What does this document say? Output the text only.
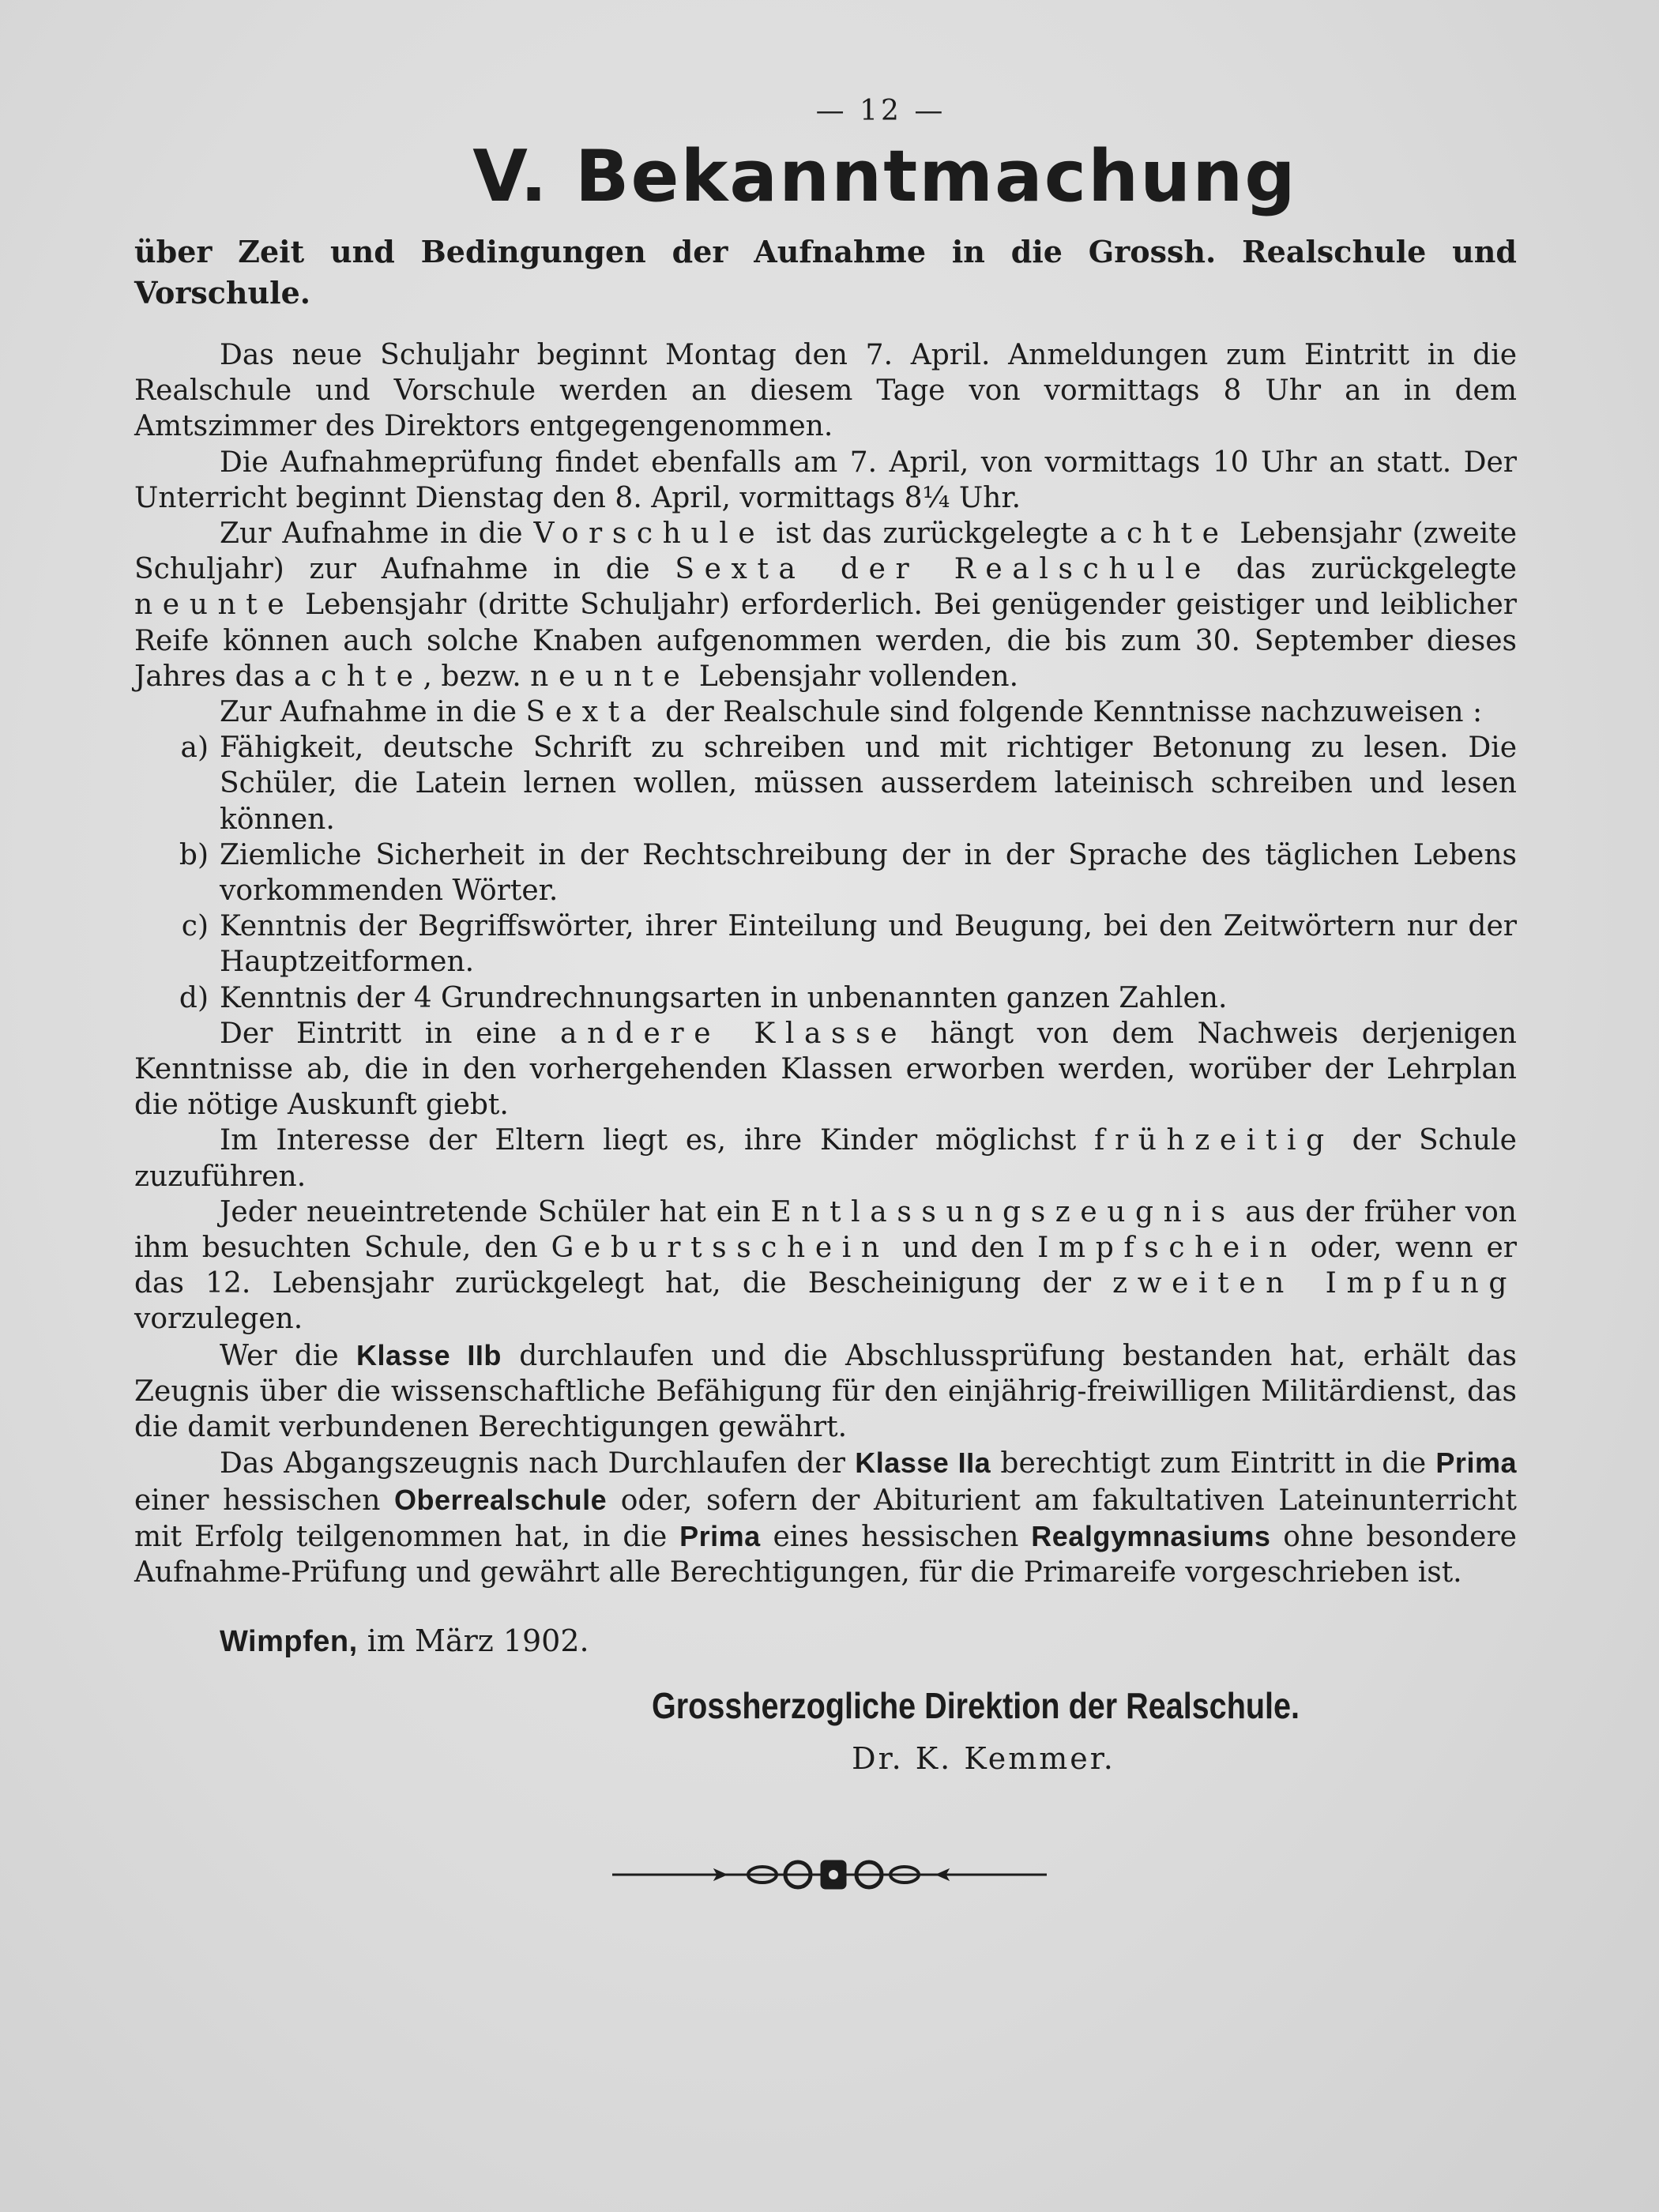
— 12 —
V. Bekanntmachung
über Zeit und Bedingungen der Aufnahme in die Grossh. Realschule und Vorschule.

Das neue Schuljahr beginnt Montag den 7. April. Anmeldungen zum Eintritt in die Realschule und Vorschule werden an diesem Tage von vormittags 8 Uhr an in dem Amtszimmer des Direktors entgegengenommen.

Die Aufnahmeprüfung findet ebenfalls am 7. April, von vormittags 10 Uhr an statt. Der Unterricht beginnt Dienstag den 8. April, vormittags 8¼ Uhr.

Zur Aufnahme in die Vorschule ist das zurückgelegte achte Lebensjahr (zweite Schuljahr) zur Aufnahme in die Sexta der Realschule das zurückgelegte neunte Lebensjahr (dritte Schuljahr) erforderlich. Bei genügender geistiger und leiblicher Reife können auch solche Knaben aufgenommen werden, die bis zum 30. September dieses Jahres das achte, bezw. neunte Lebensjahr vollenden.

Zur Aufnahme in die Sexta der Realschule sind folgende Kenntnisse nachzuweisen :

a) Fähigkeit, deutsche Schrift zu schreiben und mit richtiger Betonung zu lesen. Die Schüler, die Latein lernen wollen, müssen ausserdem lateinisch schreiben und lesen können.
b) Ziemliche Sicherheit in der Rechtschreibung der in der Sprache des täglichen Lebens vorkommenden Wörter.
c) Kenntnis der Begriffswörter, ihrer Einteilung und Beugung, bei den Zeitwörtern nur der Hauptzeitformen.
d) Kenntnis der 4 Grundrechnungsarten in unbenannten ganzen Zahlen.

Der Eintritt in eine andere Klasse hängt von dem Nachweis derjenigen Kenntnisse ab, die in den vorhergehenden Klassen erworben werden, worüber der Lehrplan die nötige Auskunft giebt.

Im Interesse der Eltern liegt es, ihre Kinder möglichst frühzeitig der Schule zuzuführen.

Jeder neueintretende Schüler hat ein Entlassungszeugnis aus der früher von ihm besuchten Schule, den Geburtsschein und den Impfschein oder, wenn er das 12. Lebensjahr zurückgelegt hat, die Bescheinigung der zweiten Impfung vorzulegen.

Wer die Klasse IIb durchlaufen und die Abschlussprüfung bestanden hat, erhält das Zeugnis über die wissenschaftliche Befähigung für den einjährig-freiwilligen Militärdienst, das die damit verbundenen Berechtigungen gewährt.

Das Abgangszeugnis nach Durchlaufen der Klasse IIa berechtigt zum Eintritt in die Prima einer hessischen Oberrealschule oder, sofern der Abiturient am fakultativen Lateinunterricht mit Erfolg teilgenommen hat, in die Prima eines hessischen Realgymnasiums ohne besondere Aufnahme-Prüfung und gewährt alle Berechtigungen, für die Primareife vorgeschrieben ist.

Wimpfen, im März 1902.
Grossherzogliche Direktion der Realschule.
Dr. K. Kemmer.
